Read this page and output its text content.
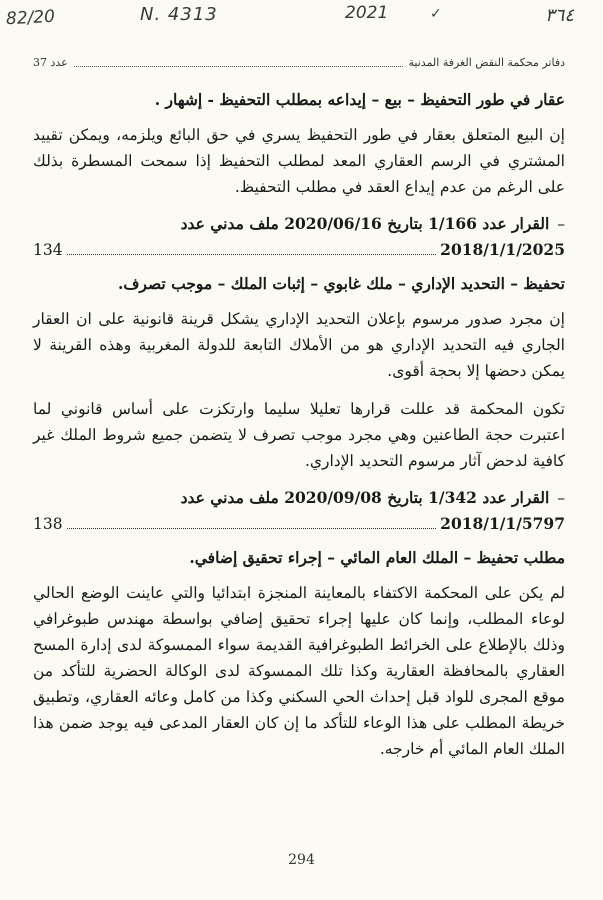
82/20	N. 4313	2021	✓	٣٦٤
دفاتر محكمة النقض الغرفة المدنية
عدد 37
عقار في طور التحفيظ – بيع – إيداعه بمطلب التحفيظ - إشهار .
إن البيع المتعلق بعقار في طور التحفيظ يسري في حق البائع ويلزمه، ويمكن تقييد المشتري في الرسم العقاري المعد لمطلب التحفيظ إذا سمحت المسطرة بذلك على الرغم من عدم إيداع العقد في مطلب التحفيظ.
–القرار عدد 1/166 بتاريخ 2020/06/16 ملف مدني عدد
2018/1/1/2025
134
تحفيظ – التحديد الإداري – ملك غابوي – إثبات الملك – موجب تصرف.
إن مجرد صدور مرسوم بإعلان التحديد الإداري يشكل قرينة قانونية على ان العقار الجاري فيه التحديد الإداري هو من الأملاك التابعة للدولة المغربية وهذه القرينة لا يمكن دحضها إلا بحجة أقوى.
تكون المحكمة قد عللت قرارها تعليلا سليما وارتكزت على أساس قانوني لما اعتبرت حجة الطاعنين وهي مجرد موجب تصرف لا يتضمن جميع شروط الملك غير كافية لدحض آثار مرسوم التحديد الإداري.
–القرار عدد 1/342 بتاريخ 2020/09/08 ملف مدني عدد
2018/1/1/5797
138
مطلب تحفيظ – الملك العام المائي – إجراء تحقيق إضافي.
لم يكن على المحكمة الاكتفاء بالمعاينة المنجزة ابتدائيا والتي عاينت الوضع الحالي لوعاء المطلب، وإنما كان عليها إجراء تحقيق إضافي بواسطة مهندس طبوغرافي وذلك بالإطلاع على الخرائط الطبوغرافية القديمة سواء الممسوكة لدى إدارة المسح العقاري بالمحافظة العقارية وكذا تلك الممسوكة لدى الوكالة الحضرية للتأكد من موقع المجرى للواد قبل إحداث الحي السكني وكذا من كامل وعائه العقاري، وتطبيق خريطة المطلب على هذا الوعاء للتأكد ما إن كان العقار المدعى فيه يوجد ضمن هذا الملك العام المائي أم خارجه.
294
